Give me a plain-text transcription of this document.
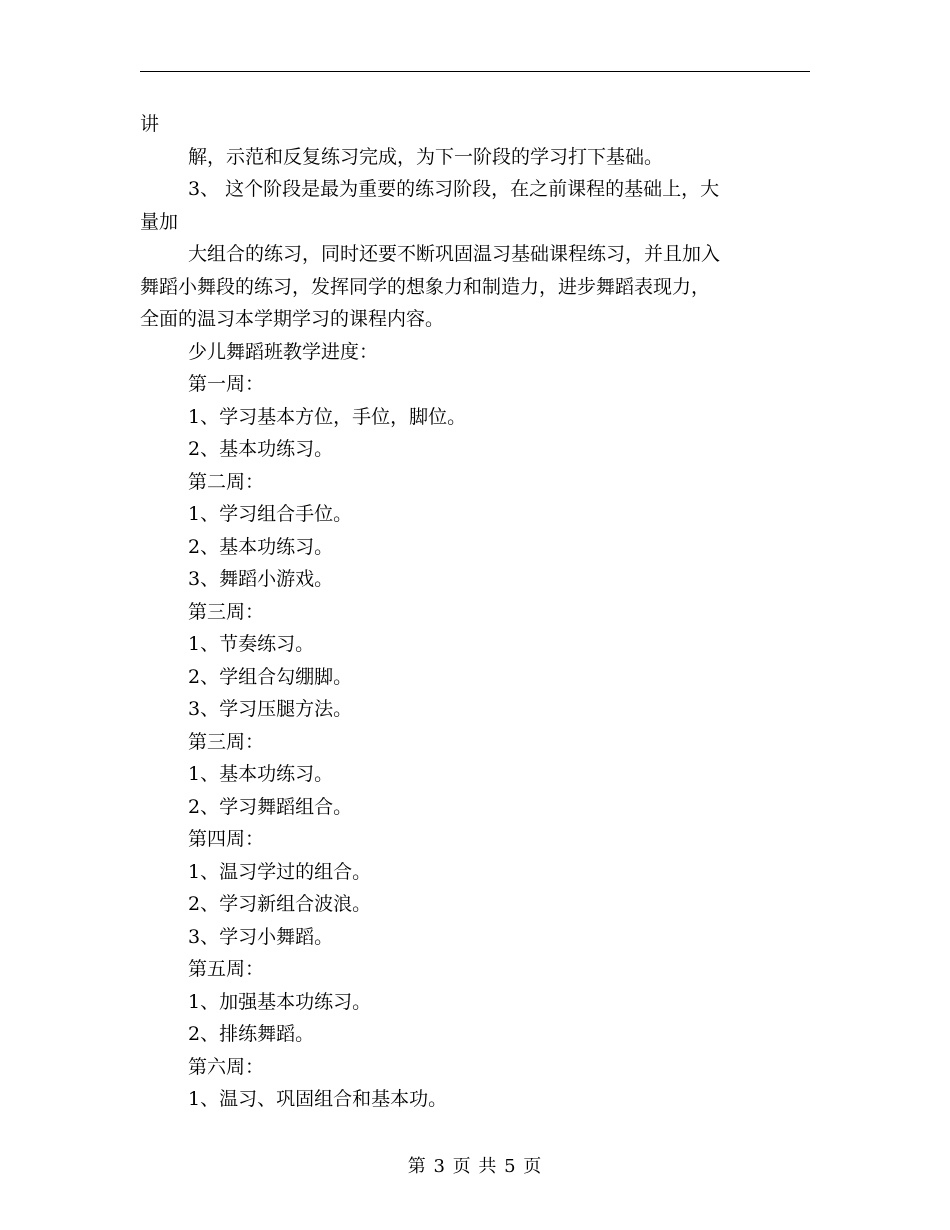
讲
解，示范和反复练习完成，为下一阶段的学习打下基础。
3、 这个阶段是最为重要的练习阶段，在之前课程的基础上，大
量加
大组合的练习，同时还要不断巩固温习基础课程练习，并且加入
舞蹈小舞段的练习，发挥同学的想象力和制造力，进步舞蹈表现力，
全面的温习本学期学习的课程内容。
少儿舞蹈班教学进度：
第一周：
1、学习基本方位，手位，脚位。
2、基本功练习。
第二周：
1、学习组合手位。
2、基本功练习。
3、舞蹈小游戏。
第三周：
1、节奏练习。
2、学组合勾绷脚。
3、学习压腿方法。
第三周：
1、基本功练习。
2、学习舞蹈组合。
第四周：
1、温习学过的组合。
2、学习新组合波浪。
3、学习小舞蹈。
第五周：
1、加强基本功练习。
2、排练舞蹈。
第六周：
1、温习、巩固组合和基本功。
第 3 页 共 5 页
